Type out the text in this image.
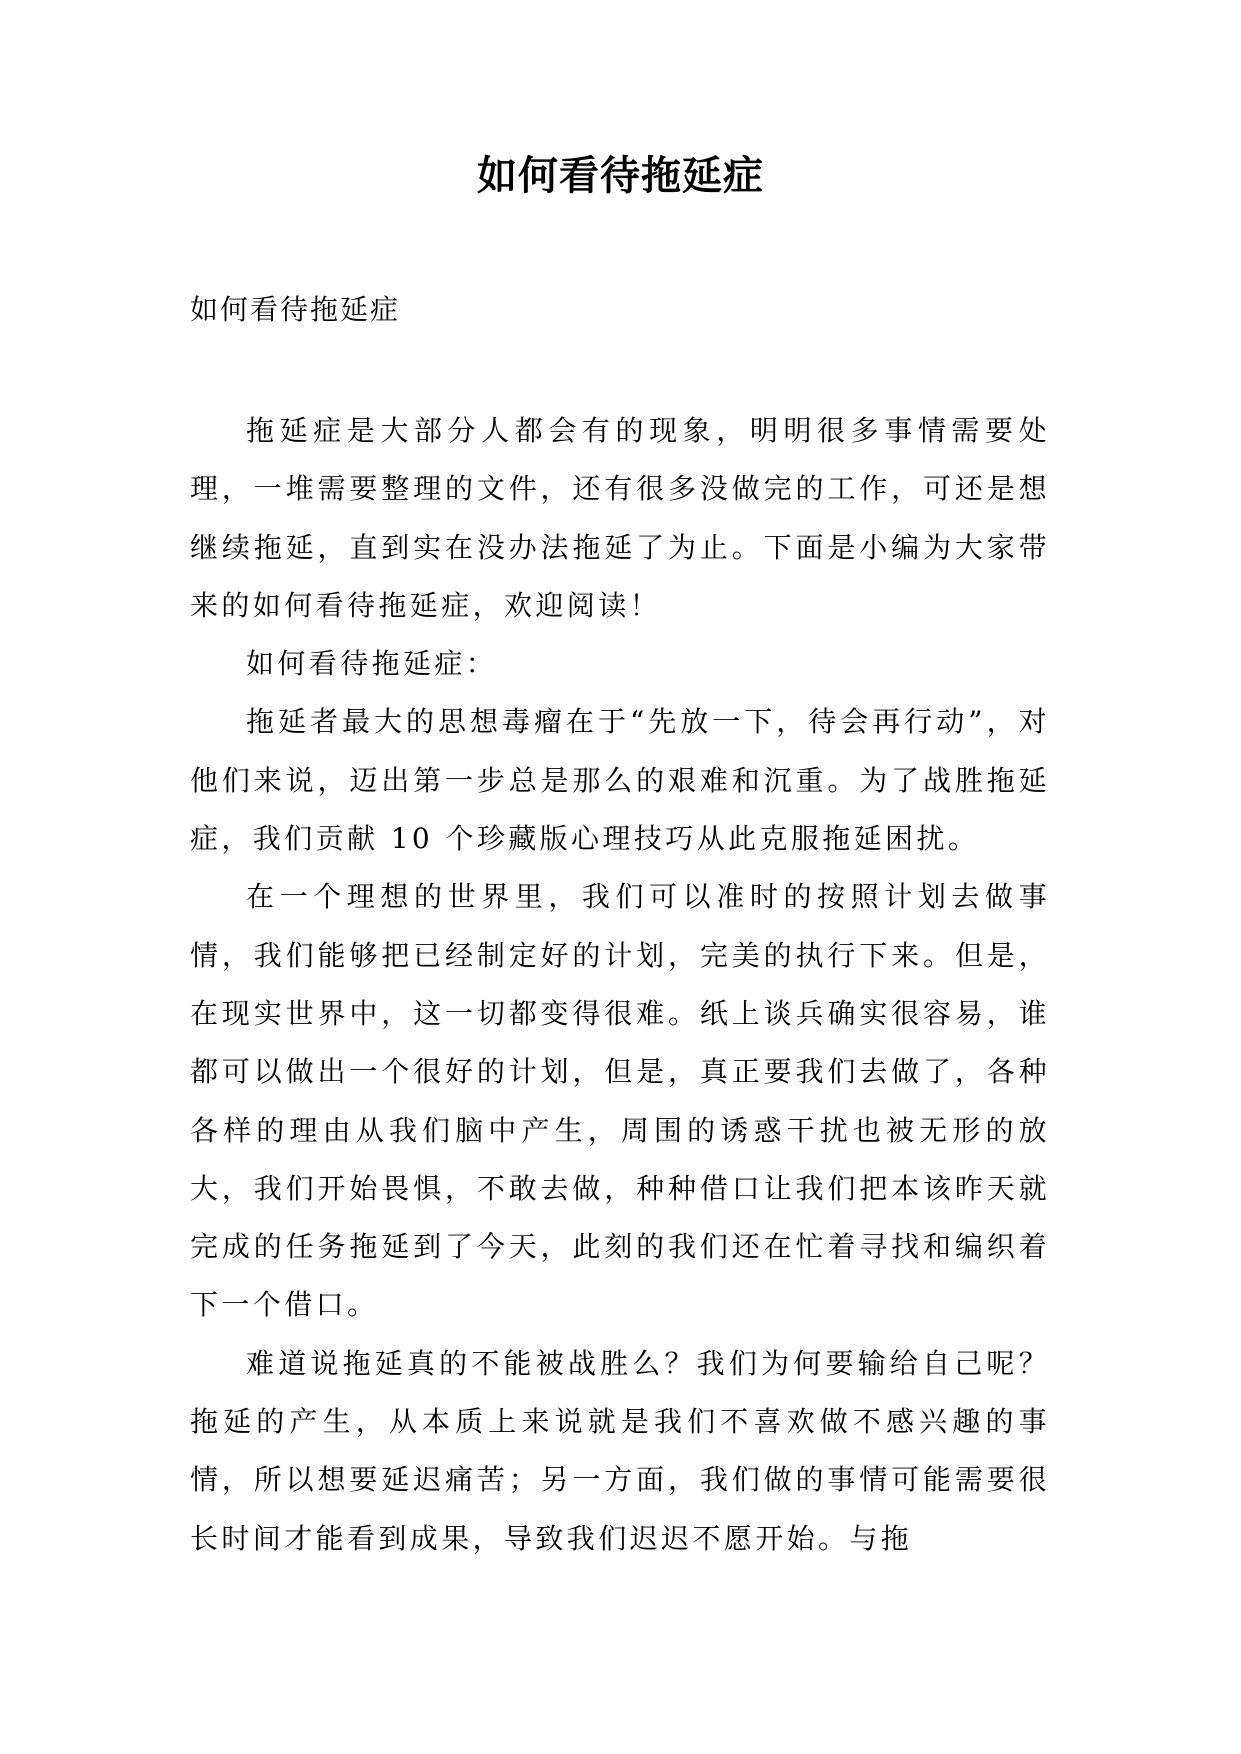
如何看待拖延症
如何看待拖延症

拖延症是大部分人都会有的现象，明明很多事情需要处理，一堆需要整理的文件，还有很多没做完的工作，可还是想继续拖延，直到实在没办法拖延了为止。下面是小编为大家带来的如何看待拖延症，欢迎阅读！

如何看待拖延症：

拖延者最大的思想毒瘤在于“先放一下，待会再行动”，对他们来说，迈出第一步总是那么的艰难和沉重。为了战胜拖延症，我们贡献 10 个珍藏版心理技巧从此克服拖延困扰。

在一个理想的世界里，我们可以准时的按照计划去做事情，我们能够把已经制定好的计划，完美的执行下来。但是，在现实世界中，这一切都变得很难。纸上谈兵确实很容易，谁都可以做出一个很好的计划，但是，真正要我们去做了，各种各样的理由从我们脑中产生，周围的诱惑干扰也被无形的放大，我们开始畏惧，不敢去做，种种借口让我们把本该昨天就完成的任务拖延到了今天，此刻的我们还在忙着寻找和编织着下一个借口。

难道说拖延真的不能被战胜么？我们为何要输给自己呢？拖延的产生，从本质上来说就是我们不喜欢做不感兴趣的事情，所以想要延迟痛苦；另一方面，我们做的事情可能需要很长时间才能看到成果，导致我们迟迟不愿开始。与拖
